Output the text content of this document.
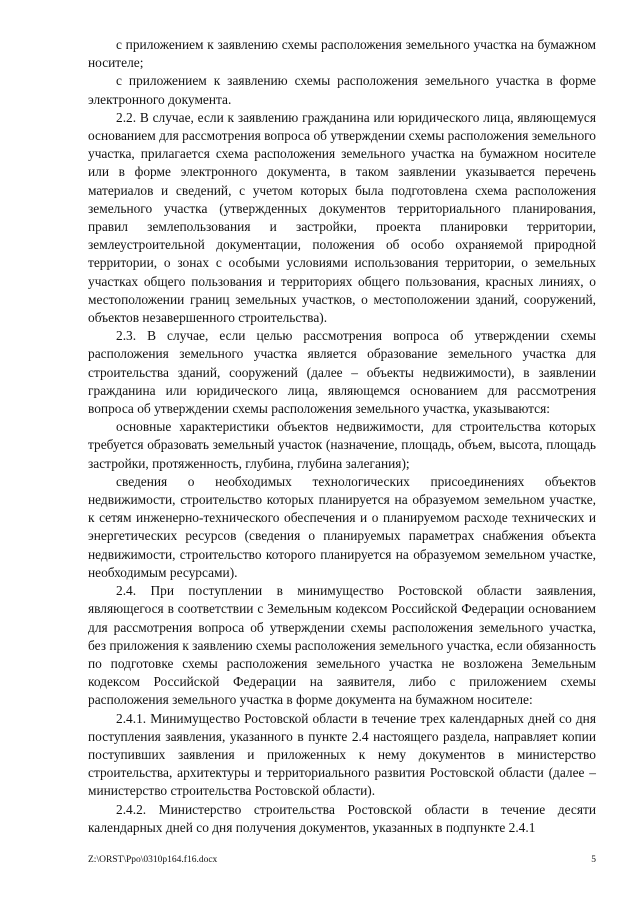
с приложением к заявлению схемы расположения земельного участка на бумажном носителе;

с приложением к заявлению схемы расположения земельного участка в форме электронного документа.

2.2. В случае, если к заявлению гражданина или юридического лица, являющемуся основанием для рассмотрения вопроса об утверждении схемы расположения земельного участка, прилагается схема расположения земельного участка на бумажном носителе или в форме электронного документа, в таком заявлении указывается перечень материалов и сведений, с учетом которых была подготовлена схема расположения земельного участка (утвержденных документов территориального планирования, правил землепользования и застройки, проекта планировки территории, землеустроительной документации, положения об особо охраняемой природной территории, о зонах с особыми условиями использования территории, о земельных участках общего пользования и территориях общего пользования, красных линиях, о местоположении границ земельных участков, о местоположении зданий, сооружений, объектов незавершенного строительства).

2.3. В случае, если целью рассмотрения вопроса об утверждении схемы расположения земельного участка является образование земельного участка для строительства зданий, сооружений (далее – объекты недвижимости), в заявлении гражданина или юридического лица, являющемся основанием для рассмотрения вопроса об утверждении схемы расположения земельного участка, указываются:

основные характеристики объектов недвижимости, для строительства которых требуется образовать земельный участок (назначение, площадь, объем, высота, площадь застройки, протяженность, глубина, глубина залегания);

сведения о необходимых технологических присоединениях объектов недвижимости, строительство которых планируется на образуемом земельном участке, к сетям инженерно-технического обеспечения и о планируемом расходе технических и энергетических ресурсов (сведения о планируемых параметрах снабжения объекта недвижимости, строительство которого планируется на образуемом земельном участке, необходимым ресурсами).

2.4. При поступлении в минимущество Ростовской области заявления, являющегося в соответствии с Земельным кодексом Российской Федерации основанием для рассмотрения вопроса об утверждении схемы расположения земельного участка, без приложения к заявлению схемы расположения земельного участка, если обязанность по подготовке схемы расположения земельного участка не возложена Земельным кодексом Российской Федерации на заявителя, либо с приложением схемы расположения земельного участка в форме документа на бумажном носителе:

2.4.1. Минимущество Ростовской области в течение трех календарных дней со дня поступления заявления, указанного в пункте 2.4 настоящего раздела, направляет копии поступивших заявления и приложенных к нему документов в министерство строительства, архитектуры и территориального развития Ростовской области (далее – министерство строительства Ростовской области).

2.4.2. Министерство строительства Ростовской области в течение десяти календарных дней со дня получения документов, указанных в подпункте 2.4.1

Z:\ORST\Ppo\0310p164.f16.docx	5
